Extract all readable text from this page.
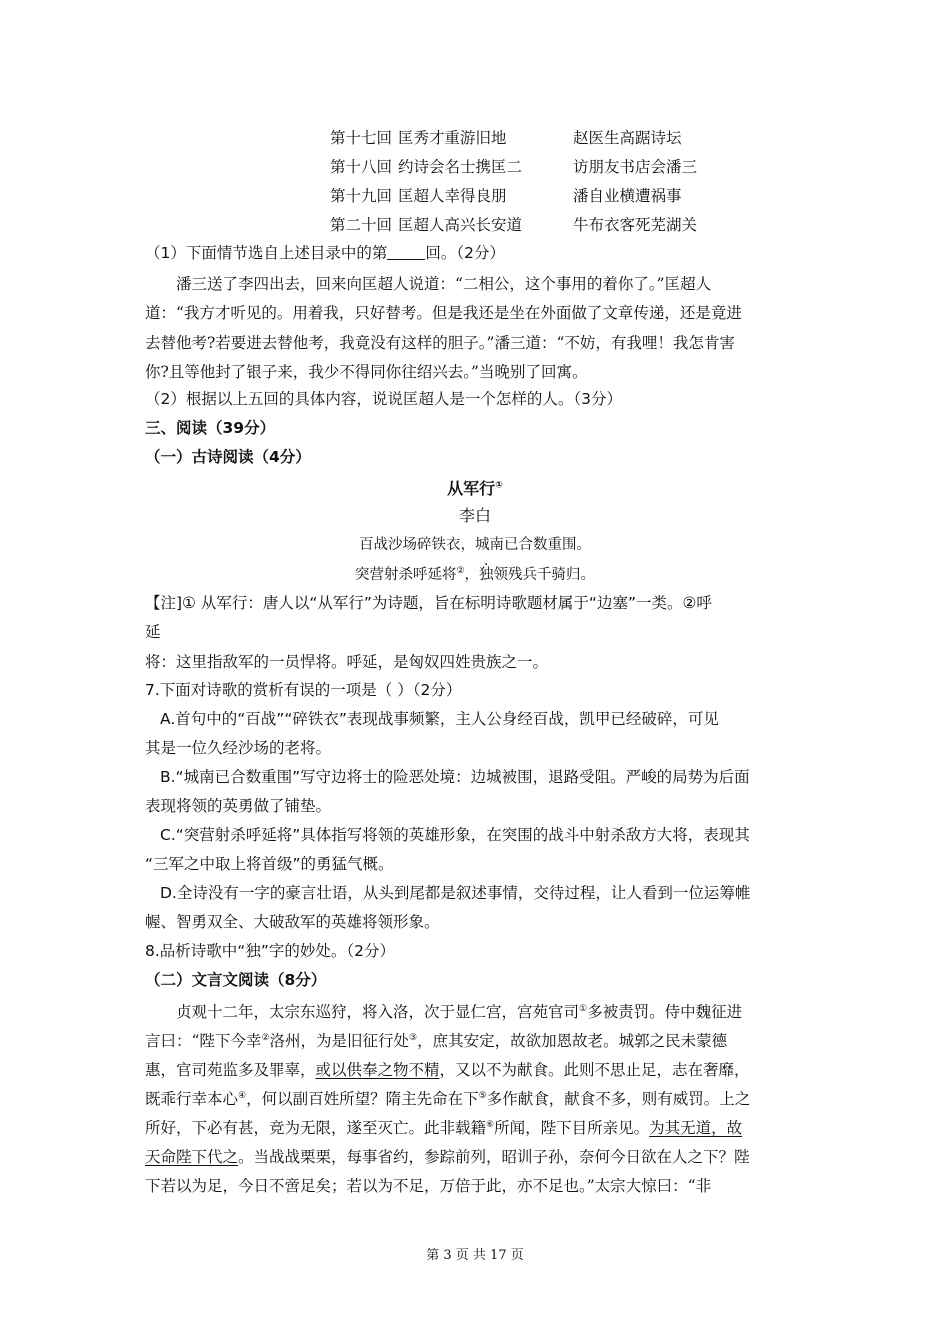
第十七回 匡秀才重游旧地	赵医生高踞诗坛
第十八回 约诗会名士携匡二	访朋友书店会潘三
第十九回 匡超人幸得良朋	潘自业横遭祸事
第二十回 匡超人高兴长安道	牛布衣客死芜湖关
（1）下面情节选自上述目录中的第 回。（2分）
潘三送了李四出去，回来向匡超人说道：“二相公，这个事用的着你了。”匡超人
道：“我方才听见的。用着我，只好替考。但是我还是坐在外面做了文章传递，还是竟进
去替他考?若要进去替他考，我竟没有这样的胆子。”潘三道：“不妨，有我哩！我怎肯害
你?且等他封了银子来，我少不得同你往绍兴去。”当晚别了回寓。
（2）根据以上五回的具体内容，说说匡超人是一个怎样的人。（3分）
三、阅读（39分）
（一）古诗阅读（4分）
从军行①
李白
百战沙场碎铁衣，城南已合数重围。
突营射杀呼延将②，独领残兵千骑归。
【注]① 从军行：唐人以“从军行”为诗题，旨在标明诗歌题材属于“边塞”一类。②呼
延
将：这里指敌军的一员悍将。呼延，是匈奴四姓贵族之一。
7.下面对诗歌的赏析有误的一项是（ ）（2分）
A.首句中的“百战”“碎铁衣”表现战事频繁，主人公身经百战，凯甲已经破碎，可见
其是一位久经沙场的老将。
B.“城南已合数重围”写守边将士的险恶处境：边城被围，退路受阻。严峻的局势为后面
表现将领的英勇做了铺垫。
C.“突营射杀呼延将”具体指写将领的英雄形象，在突围的战斗中射杀敌方大将，表现其
“三军之中取上将首级”的勇猛气概。
D.全诗没有一字的豪言壮语，从头到尾都是叙述事情，交待过程，让人看到一位运筹帷
幄、智勇双全、大破敌军的英雄将领形象。
8.品析诗歌中“独”字的妙处。（2分）
（二）文言文阅读（8分）
贞观十二年，太宗东巡狩，将入洛，次于显仁宫，宫苑官司①多被责罚。侍中魏征进
言曰：“陛下今幸②洛州，为是旧征行处③，庶其安定，故欲加恩故老。城郭之民未蒙德
惠，官司苑监多及罪辜，或以供奉之物不精，又以不为献食。此则不思止足，志在奢靡，
既乖行幸本心④，何以副百姓所望？隋主先命在下⑤多作献食，献食不多，则有威罚。上之
所好，下必有甚，竞为无限，遂至灭亡。此非载籍⑥所闻，陛下目所亲见。为其无道，故
天命陛下代之。当战战栗栗，每事省约，参踪前列，昭训子孙，奈何今日欲在人之下？陛
下若以为足，今日不啻足矣；若以为不足，万倍于此，亦不足也。”太宗大惊曰：“非
第 3 页 共 17 页
